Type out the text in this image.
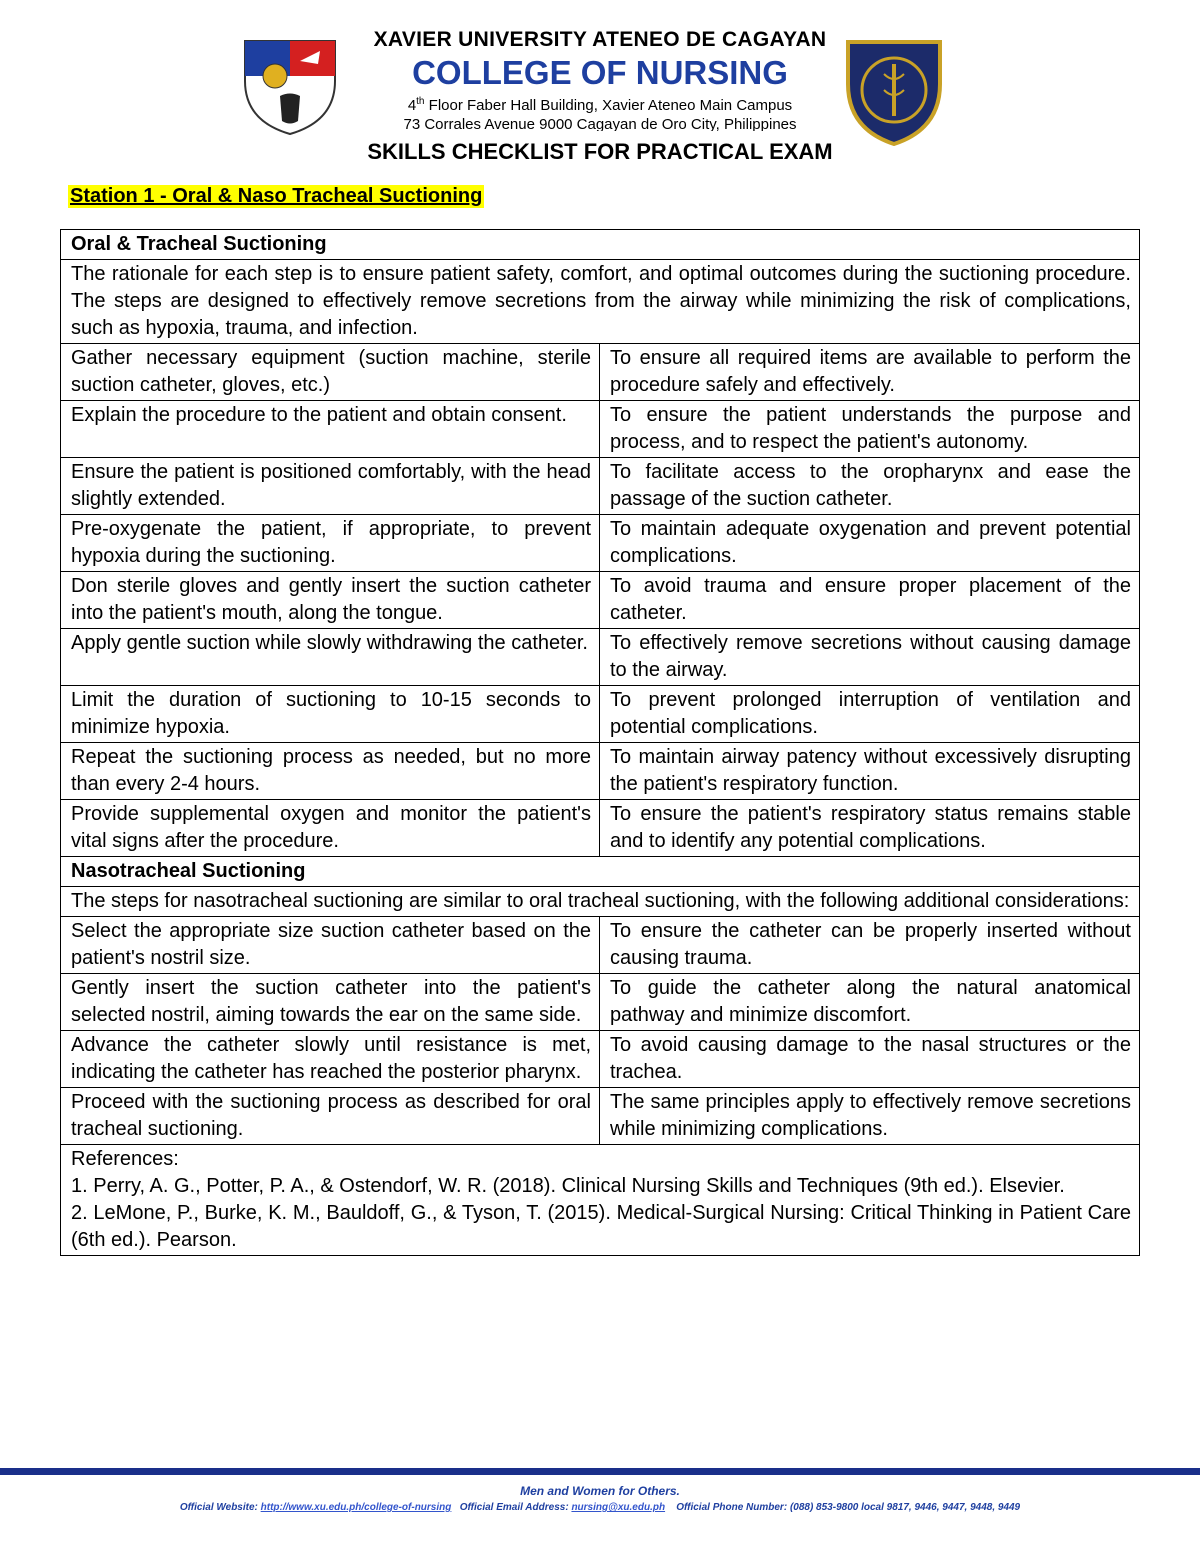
XAVIER UNIVERSITY ATENEO DE CAGAYAN
COLLEGE OF NURSING
4th Floor Faber Hall Building, Xavier Ateneo Main Campus
73 Corrales Avenue 9000 Cagayan de Oro City, Philippines
SKILLS CHECKLIST FOR PRACTICAL EXAM
Station 1 - Oral & Naso Tracheal Suctioning
Oral & Tracheal Suctioning	
The rationale for each step is to ensure patient safety, comfort, and optimal outcomes during the suctioning procedure. The steps are designed to effectively remove secretions from the airway while minimizing the risk of complications, such as hypoxia, trauma, and infection.	
Gather necessary equipment (suction machine, sterile suction catheter, gloves, etc.)	To ensure all required items are available to perform the procedure safely and effectively.
Explain the procedure to the patient and obtain consent.	To ensure the patient understands the purpose and process, and to respect the patient's autonomy.
Ensure the patient is positioned comfortably, with the head slightly extended.	To facilitate access to the oropharynx and ease the passage of the suction catheter.
Pre-oxygenate the patient, if appropriate, to prevent hypoxia during the suctioning.	To maintain adequate oxygenation and prevent potential complications.
Don sterile gloves and gently insert the suction catheter into the patient's mouth, along the tongue.	To avoid trauma and ensure proper placement of the catheter.
Apply gentle suction while slowly withdrawing the catheter.	To effectively remove secretions without causing damage to the airway.
Limit the duration of suctioning to 10-15 seconds to minimize hypoxia.	To prevent prolonged interruption of ventilation and potential complications.
Repeat the suctioning process as needed, but no more than every 2-4 hours.	To maintain airway patency without excessively disrupting the patient's respiratory function.
Provide supplemental oxygen and monitor the patient's vital signs after the procedure.	To ensure the patient's respiratory status remains stable and to identify any potential complications.
Nasotracheal Suctioning	
The steps for nasotracheal suctioning are similar to oral tracheal suctioning, with the following additional considerations:	
Select the appropriate size suction catheter based on the patient's nostril size.	To ensure the catheter can be properly inserted without causing trauma.
Gently insert the suction catheter into the patient's selected nostril, aiming towards the ear on the same side.	To guide the catheter along the natural anatomical pathway and minimize discomfort.
Advance the catheter slowly until resistance is met, indicating the catheter has reached the posterior pharynx.	To avoid causing damage to the nasal structures or the trachea.
Proceed with the suctioning process as described for oral tracheal suctioning.	The same principles apply to effectively remove secretions while minimizing complications.

References:
1. Perry, A. G., Potter, P. A., & Ostendorf, W. R. (2018). Clinical Nursing Skills and Techniques (9th ed.). Elsevier.
2. LeMone, P., Burke, K. M., Bauldoff, G., & Tyson, T. (2015). Medical-Surgical Nursing: Critical Thinking in Patient Care (6th ed.). Pearson.	
Men and Women for Others.
Official Website: http://www.xu.edu.ph/college-of-nursing Official Email Address: nursing@xu.edu.ph Official Phone Number: (088) 853-9800 local 9817, 9446, 9447, 9448, 9449
